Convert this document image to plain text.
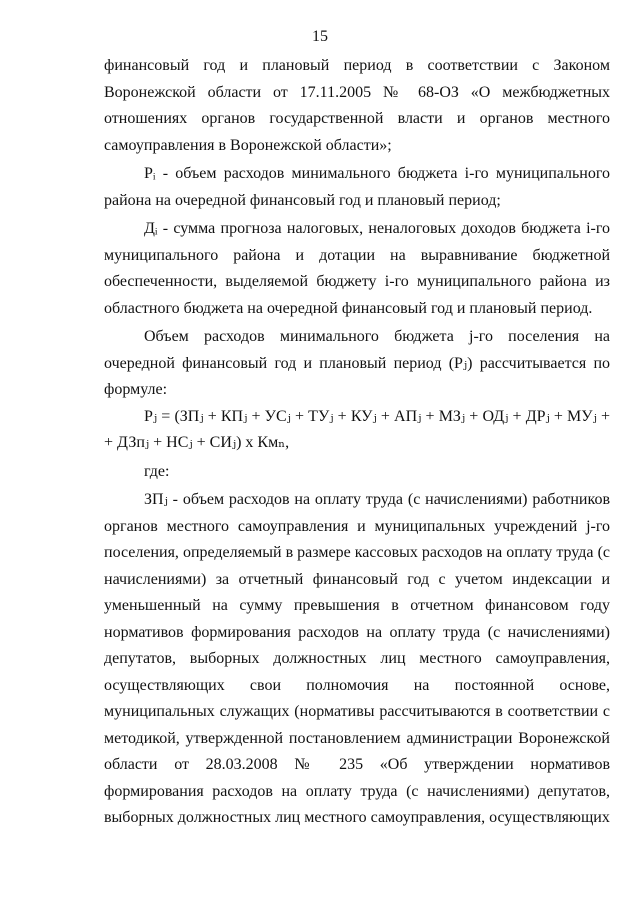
15

финансовый год и плановый период в соответствии с Законом Воронежской области от 17.11.2005 № 68-ОЗ «О межбюджетных отношениях органов государственной власти и органов местного самоуправления в Воронежской области»;

Pᵢ - объем расходов минимального бюджета i-го муниципального района на очередной финансовый год и плановый период;

Дᵢ - сумма прогноза налоговых, неналоговых доходов бюджета i-го муниципального района и дотации на выравнивание бюджетной обеспеченности, выделяемой бюджету i-го муниципального района из областного бюджета на очередной финансовый год и плановый период.

Объем расходов минимального бюджета j-го поселения на очередной финансовый год и плановый период (Pⱼ) рассчитывается по формуле:

Pⱼ = (ЗПⱼ + КПⱼ + УСⱼ + ТУⱼ + КУⱼ + АПⱼ + МЗⱼ + ОДⱼ + ДРⱼ + МУⱼ + + ДЗпⱼ + НСⱼ + СИⱼ) х Кмₙ,

где:

ЗПⱼ - объем расходов на оплату труда (с начислениями) работников органов местного самоуправления и муниципальных учреждений j-го поселения, определяемый в размере кассовых расходов на оплату труда (с начислениями) за отчетный финансовый год с учетом индексации и уменьшенный на сумму превышения в отчетном финансовом году нормативов формирования расходов на оплату труда (с начислениями) депутатов, выборных должностных лиц местного самоуправления, осуществляющих свои полномочия на постоянной основе, муниципальных служащих (нормативы рассчитываются в соответствии с методикой, утвержденной постановлением администрации Воронежской области от 28.03.2008 № 235 «Об утверждении нормативов формирования расходов на оплату труда (с начислениями) депутатов, выборных должностных лиц местного самоуправления, осуществляющих
